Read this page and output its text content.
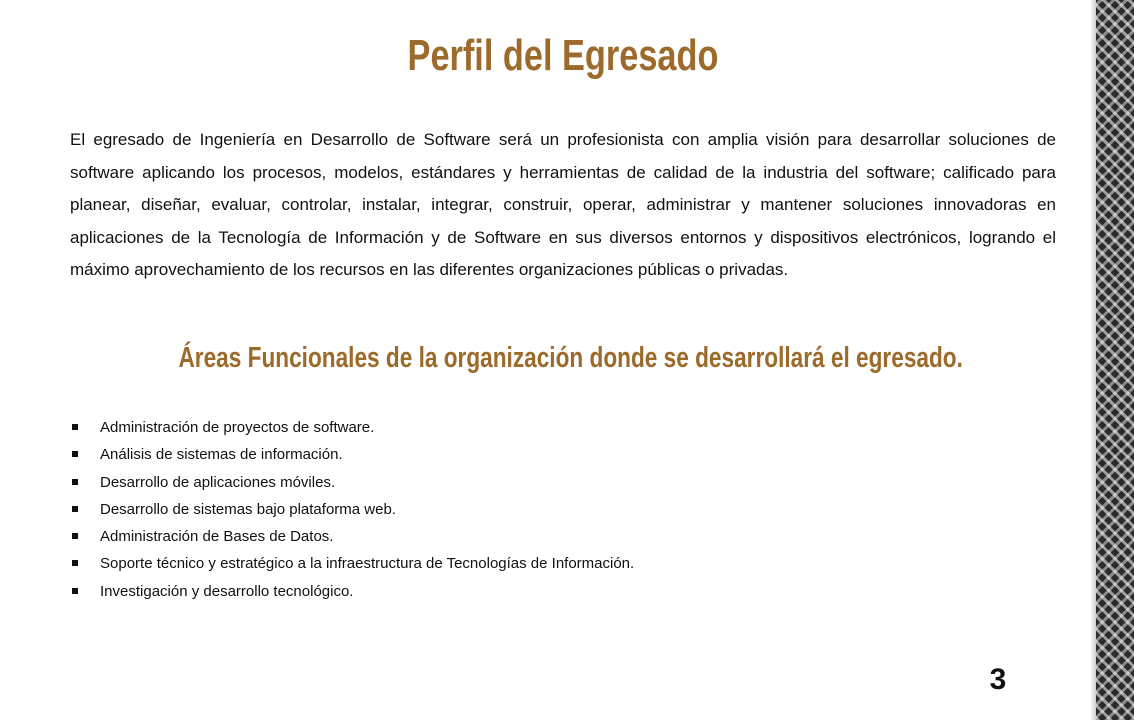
Perfil del Egresado
El egresado de Ingeniería en Desarrollo de Software será un profesionista con amplia visión para desarrollar soluciones de software aplicando los procesos, modelos, estándares y herramientas de calidad de la industria del software; calificado para planear, diseñar, evaluar, controlar, instalar, integrar, construir, operar, administrar y mantener soluciones innovadoras en aplicaciones de la Tecnología de Información y de Software en sus diversos entornos y dispositivos electrónicos, logrando el máximo aprovechamiento de los recursos en las diferentes organizaciones públicas o privadas.
Áreas Funcionales de la organización donde se desarrollará el egresado.
Administración de proyectos de software.
Análisis de sistemas de información.
Desarrollo de aplicaciones móviles.
Desarrollo de sistemas bajo plataforma web.
Administración de Bases de Datos.
Soporte técnico y estratégico a la infraestructura de Tecnologías de Información.
Investigación y desarrollo tecnológico.
3
